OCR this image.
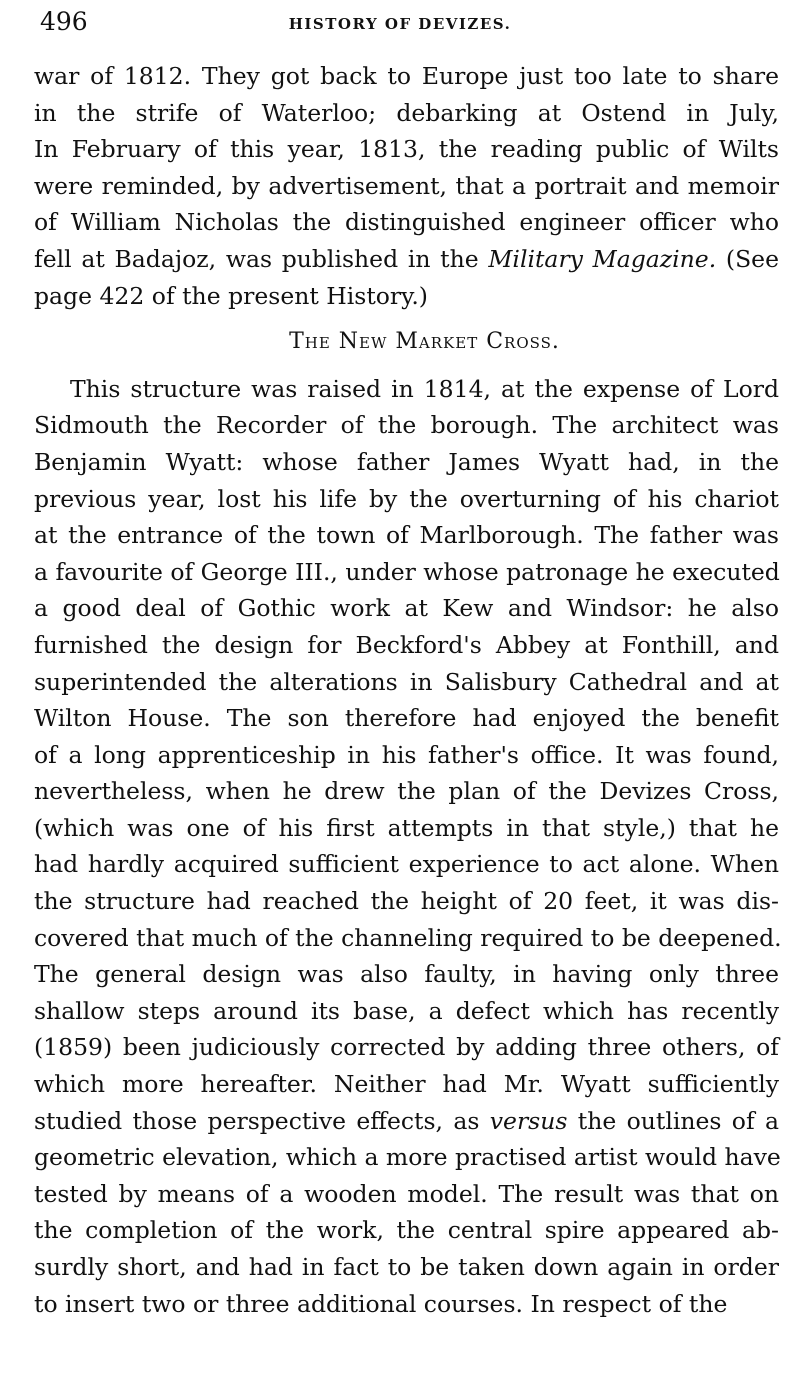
496	HISTORY OF DEVIZES.
war of 1812. They got back to Europe just too late to share
in the strife of Waterloo; debarking at Ostend in July,
In February of this year, 1813, the reading public of Wilts
were reminded, by advertisement, that a portrait and memoir
of William Nicholas the distinguished engineer officer who
fell at Badajoz, was published in the Military Magazine. (See
page 422 of the present History.)
The New Market Cross.
This structure was raised in 1814, at the expense of Lord
Sidmouth the Recorder of the borough. The architect was
Benjamin Wyatt: whose father James Wyatt had, in the
previous year, lost his life by the overturning of his chariot
at the entrance of the town of Marlborough. The father was
a favourite of George III., under whose patronage he executed
a good deal of Gothic work at Kew and Windsor: he also
furnished the design for Beckford's Abbey at Fonthill, and
superintended the alterations in Salisbury Cathedral and at
Wilton House. The son therefore had enjoyed the benefit
of a long apprenticeship in his father's office. It was found,
nevertheless, when he drew the plan of the Devizes Cross,
(which was one of his first attempts in that style,) that he
had hardly acquired sufficient experience to act alone. When
the structure had reached the height of 20 feet, it was dis-
covered that much of the channeling required to be deepened.
The general design was also faulty, in having only three
shallow steps around its base, a defect which has recently
(1859) been judiciously corrected by adding three others, of
which more hereafter. Neither had Mr. Wyatt sufficiently
studied those perspective effects, as versus the outlines of a
geometric elevation, which a more practised artist would have
tested by means of a wooden model. The result was that on
the completion of the work, the central spire appeared ab-
surdly short, and had in fact to be taken down again in order
to insert two or three additional courses. In respect of the
